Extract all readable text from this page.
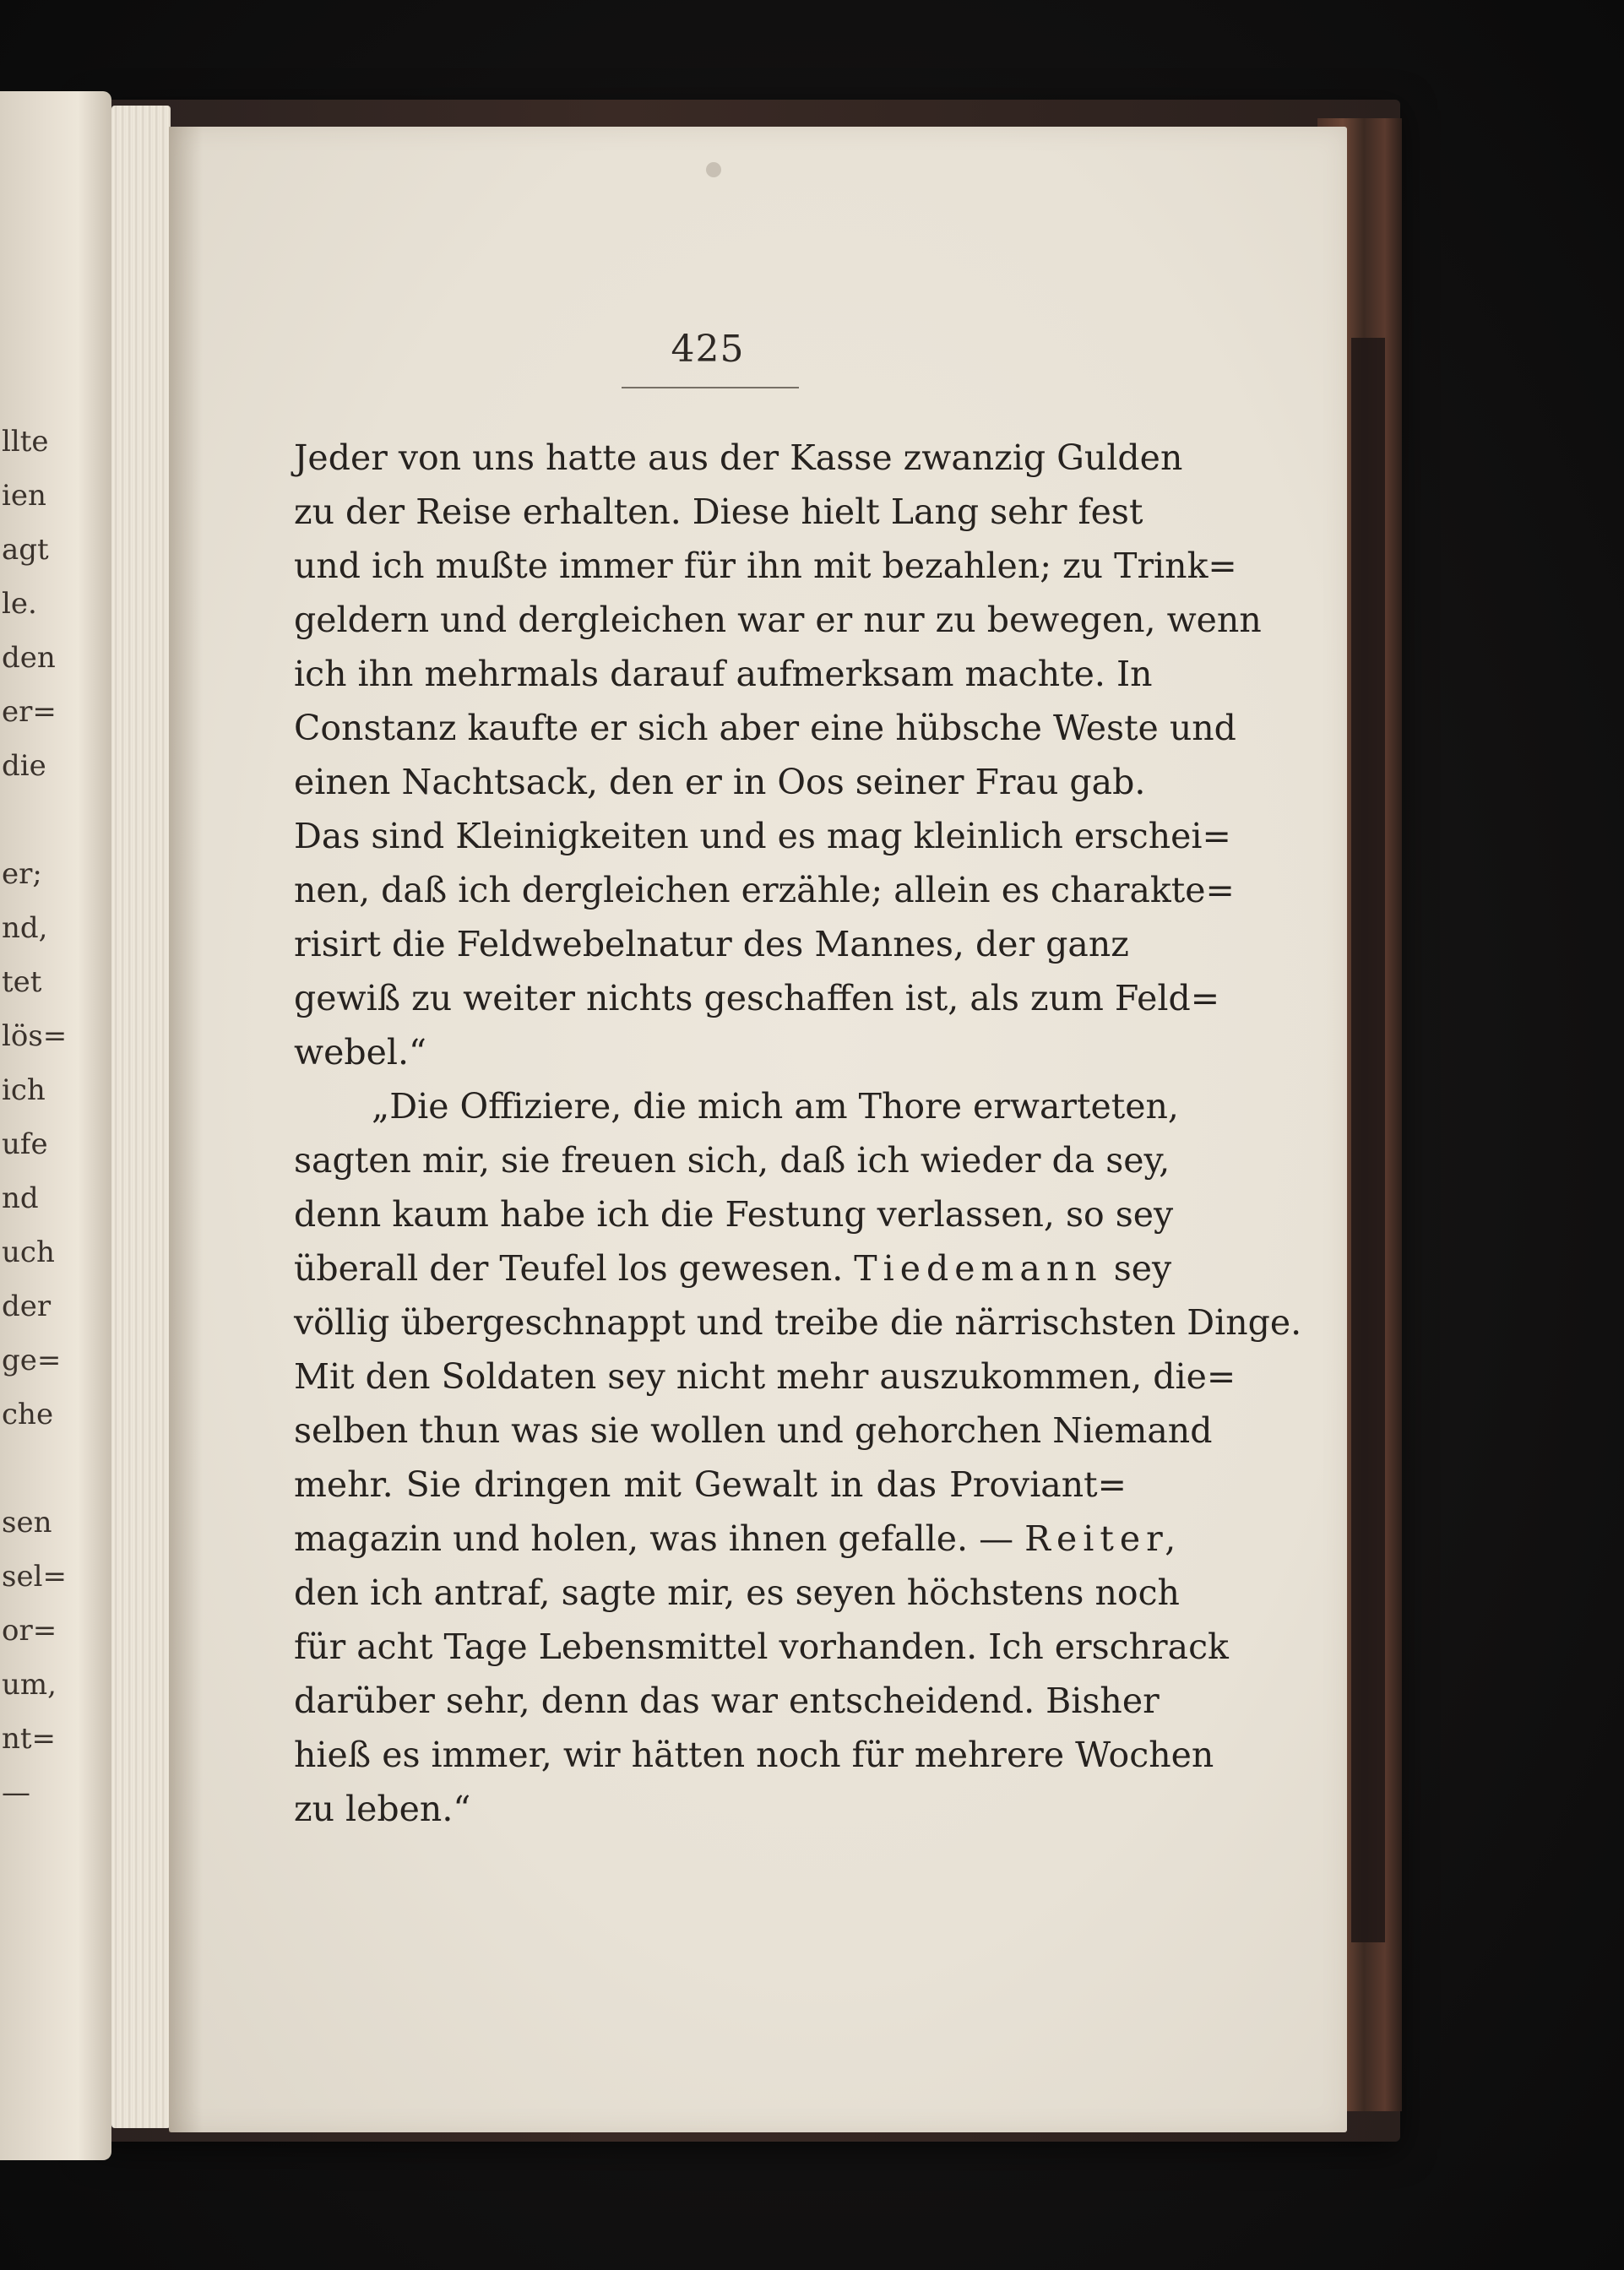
llte
ien
agt
le.
den
er=
die
er;
nd,
tet
lös=
ich
ufe
nd
uch
der
ge=
che
sen
sel=
or=
um,
nt=
—
425
Jeder von uns hatte aus der Kasse zwanzig Gulden
zu der Reise erhalten. Diese hielt Lang sehr fest
und ich mußte immer für ihn mit bezahlen; zu Trink=
geldern und dergleichen war er nur zu bewegen, wenn
ich ihn mehrmals darauf aufmerksam machte. In
Constanz kaufte er sich aber eine hübsche Weste und
einen Nachtsack, den er in Oos seiner Frau gab.
Das sind Kleinigkeiten und es mag kleinlich erschei=
nen, daß ich dergleichen erzähle; allein es charakte=
risirt die Feldwebelnatur des Mannes, der ganz
gewiß zu weiter nichts geschaffen ist, als zum Feld=
webel.“
„Die Offiziere, die mich am Thore erwarteten,
sagten mir, sie freuen sich, daß ich wieder da sey,
denn kaum habe ich die Festung verlassen, so sey
überall der Teufel los gewesen. Tiedemann sey
völlig übergeschnappt und treibe die närrischsten Dinge.
Mit den Soldaten sey nicht mehr auszukommen, die=
selben thun was sie wollen und gehorchen Niemand
mehr. Sie dringen mit Gewalt in das Proviant=
magazin und holen, was ihnen gefalle. — Reiter,
den ich antraf, sagte mir, es seyen höchstens noch
für acht Tage Lebensmittel vorhanden. Ich erschrack
darüber sehr, denn das war entscheidend. Bisher
hieß es immer, wir hätten noch für mehrere Wochen
zu leben.“
